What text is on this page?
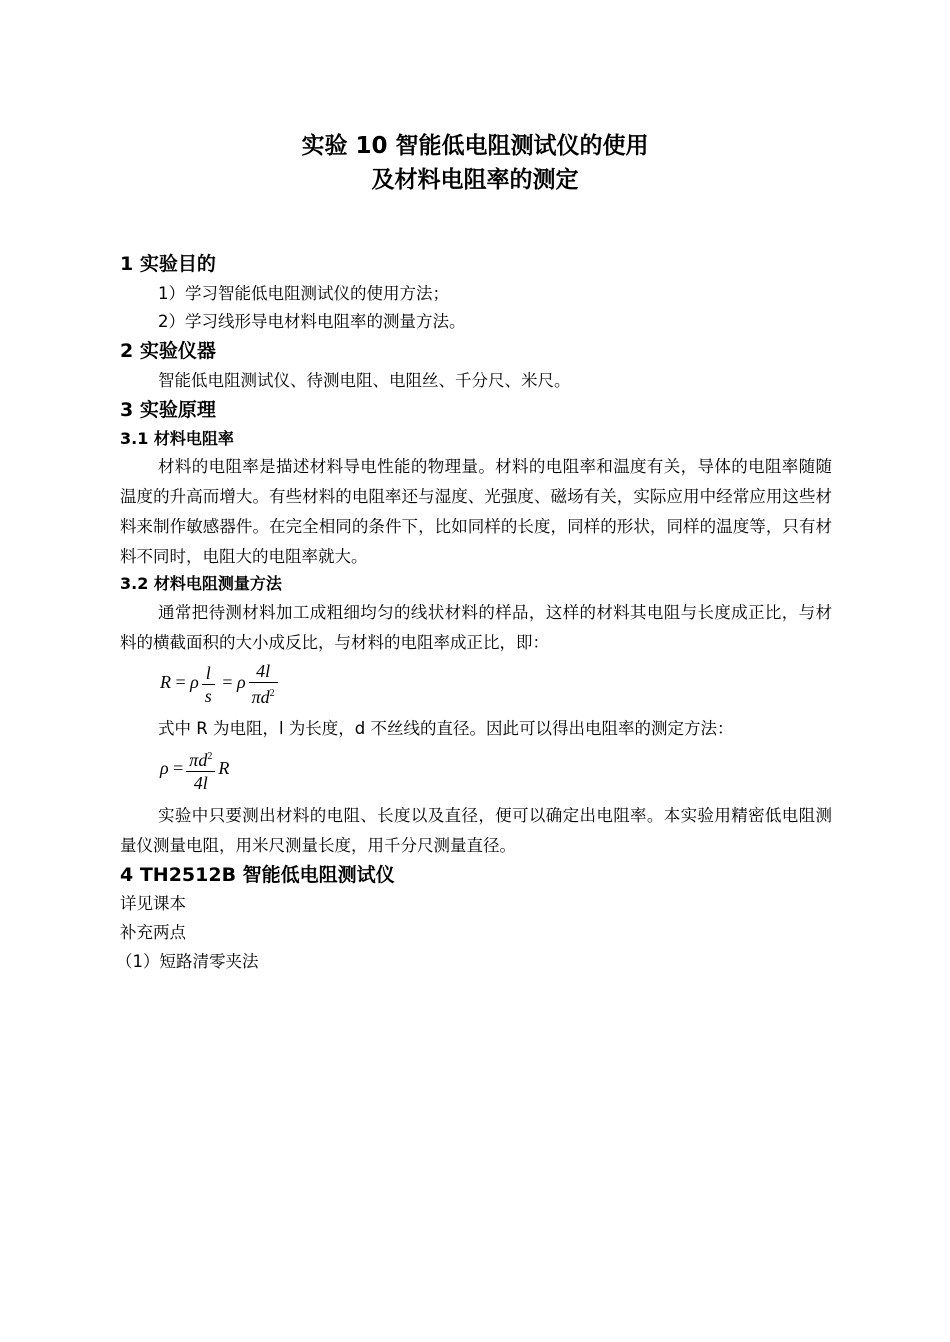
实验 10 智能低电阻测试仪的使用
及材料电阻率的测定
1 实验目的
1）学习智能低电阻测试仪的使用方法；
2）学习线形导电材料电阻率的测量方法。
2 实验仪器
智能低电阻测试仪、待测电阻、电阻丝、千分尺、米尺。
3 实验原理
3.1 材料电阻率
材料的电阻率是描述材料导电性能的物理量。材料的电阻率和温度有关，导体的电阻率随随温度的升高而增大。有些材料的电阻率还与湿度、光强度、磁场有关，实际应用中经常应用这些材料来制作敏感器件。在完全相同的条件下，比如同样的长度，同样的形状，同样的温度等，只有材料不同时，电阻大的电阻率就大。
3.2 材料电阻测量方法
通常把待测材料加工成粗细均匀的线状材料的样品，这样的材料其电阻与长度成正比，与材料的横截面积的大小成反比，与材料的电阻率成正比，即：
R = ρ $\frac{l}{s} = \rho \frac{4l}{\pi d^2}$
式中 R 为电阻，l 为长度，d 不丝线的直径。因此可以得出电阻率的测定方法：
$\rho = \frac{\pi d^2}{4l}$ R
实验中只要测出材料的电阻、长度以及直径，便可以确定出电阻率。本实验用精密低电阻测量仪测量电阻，用米尺测量长度，用千分尺测量直径。
4 TH2512B 智能低电阻测试仪
详见课本
补充两点
（1）短路清零夹法
